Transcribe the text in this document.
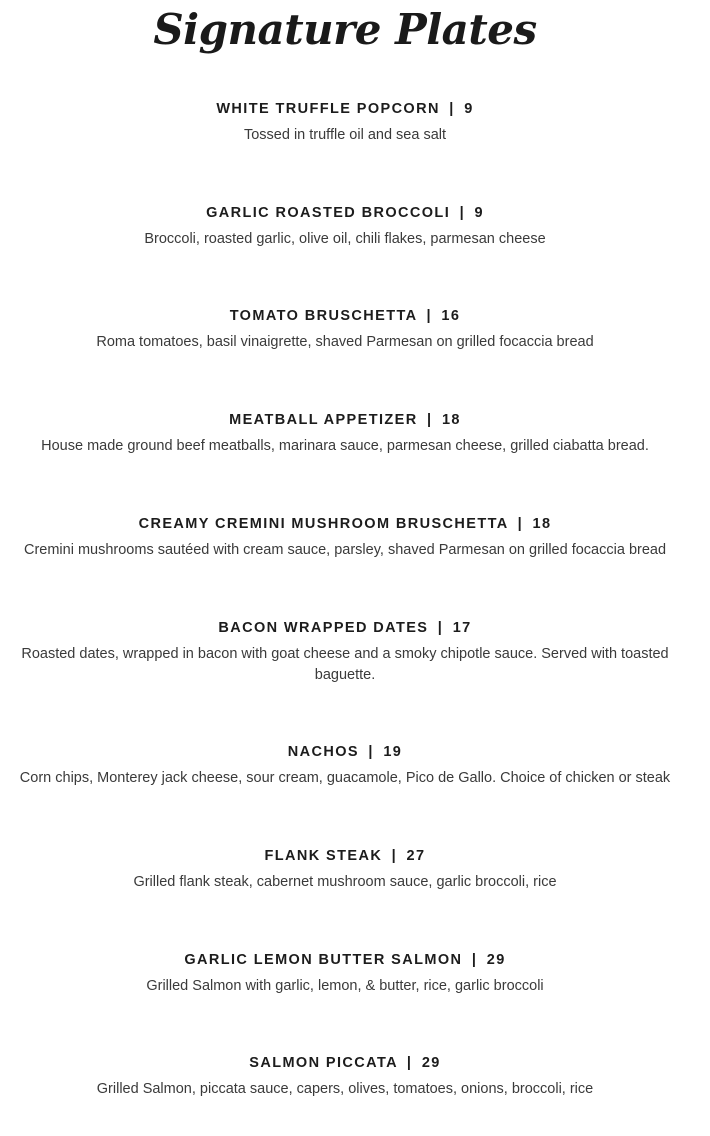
Signature Plates
WHITE TRUFFLE POPCORN | 9

Tossed in truffle oil and sea salt

GARLIC ROASTED BROCCOLI | 9

Broccoli, roasted garlic, olive oil, chili flakes, parmesan cheese

TOMATO BRUSCHETTA | 16

Roma tomatoes, basil vinaigrette, shaved Parmesan on grilled focaccia bread

MEATBALL APPETIZER | 18

House made ground beef meatballs, marinara sauce, parmesan cheese, grilled ciabatta bread.

CREAMY CREMINI MUSHROOM BRUSCHETTA | 18

Cremini mushrooms sautéed with cream sauce, parsley, shaved Parmesan on grilled focaccia bread

BACON WRAPPED DATES | 17

Roasted dates, wrapped in bacon with goat cheese and a smoky chipotle sauce. Served with toasted baguette.

NACHOS | 19

Corn chips, Monterey jack cheese, sour cream, guacamole, Pico de Gallo. Choice of chicken or steak

FLANK STEAK | 27

Grilled flank steak, cabernet mushroom sauce, garlic broccoli, rice

GARLIC LEMON BUTTER SALMON | 29

Grilled Salmon with garlic, lemon, & butter, rice, garlic broccoli

SALMON PICCATA | 29

Grilled Salmon, piccata sauce, capers, olives, tomatoes, onions, broccoli, rice
